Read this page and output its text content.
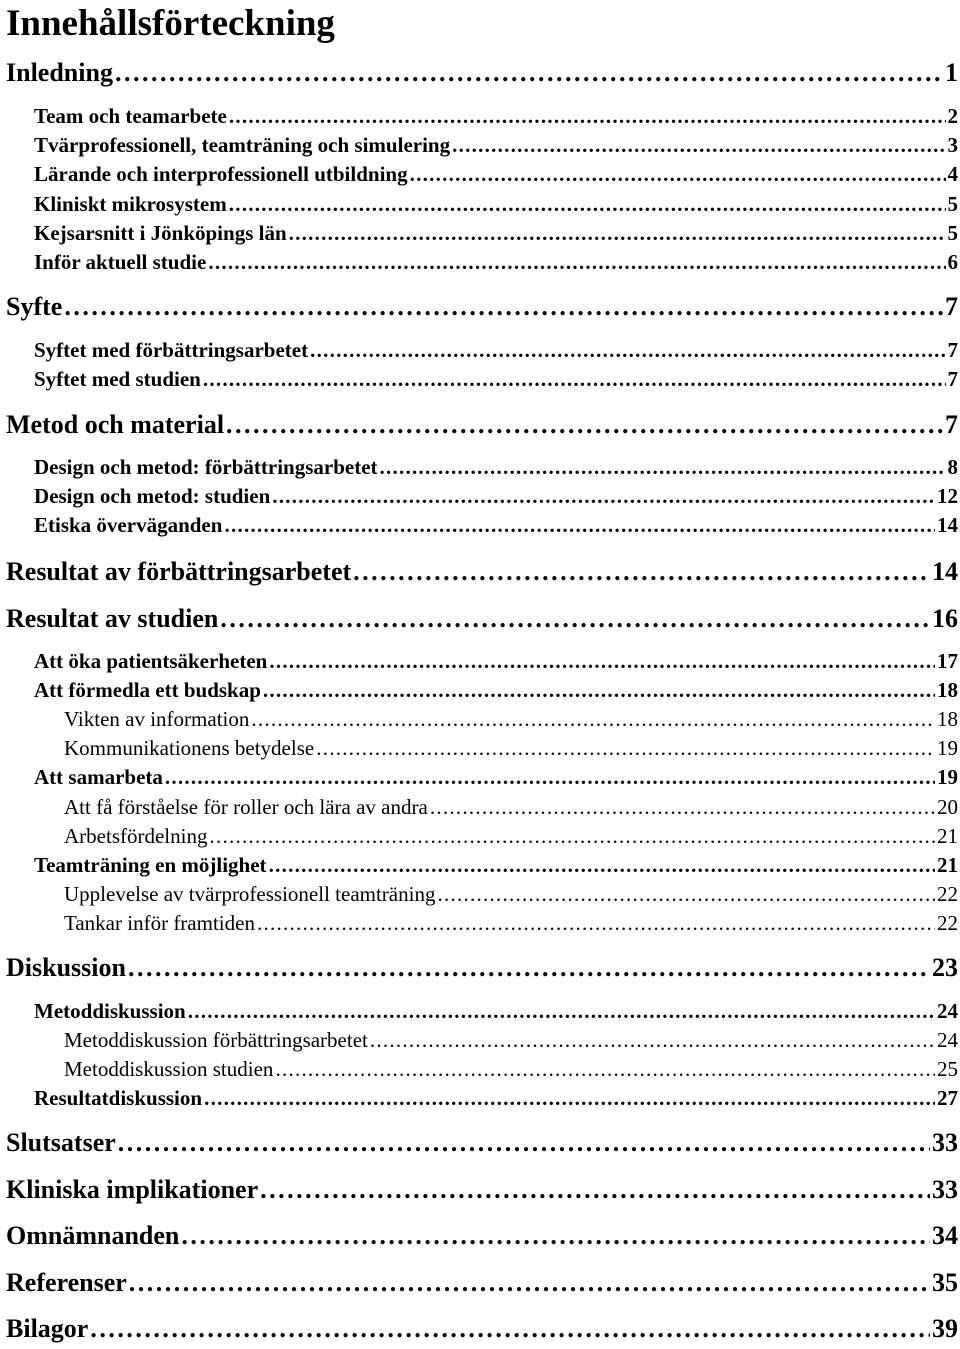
Innehållsförteckning
Inledning . . .	1
Team och teamarbete . . .	2
Tvärprofessionell, teamträning och simulering . . .	3
Lärande och interprofessionell utbildning . . .	4
Kliniskt mikrosystem . . .	5
Kejsarsnitt i Jönköpings län . . .	5
Inför aktuell studie . . .	6
Syfte . . .	7
Syftet med förbättringsarbetet . . .	7
Syftet med studien . . .	7
Metod och material . . .	7
Design och metod: förbättringsarbetet . . .	8
Design och metod: studien . . .	12
Etiska överväganden . . .	14
Resultat av förbättringsarbetet . . .	14
Resultat av studien . . .	16
Att öka patientsäkerheten . . .	17
Att förmedla ett budskap . . .	18
Vikten av information . . .	18
Kommunikationens betydelse . . .	19
Att samarbeta . . .	19
Att få förståelse för roller och lära av andra . . .	20
Arbetsfördelning . . .	21
Teamträning en möjlighet . . .	21
Upplevelse av tvärprofessionell teamträning . . .	22
Tankar inför framtiden . . .	22
Diskussion . . .	23
Metoddiskussion . . .	24
Metoddiskussion förbättringsarbetet . . .	24
Metoddiskussion studien . . .	25
Resultatdiskussion . . .	27
Slutsatser . . .	33
Kliniska implikationer . . .	33
Omnämnanden . . .	34
Referenser . . .	35
Bilagor . . .	39
